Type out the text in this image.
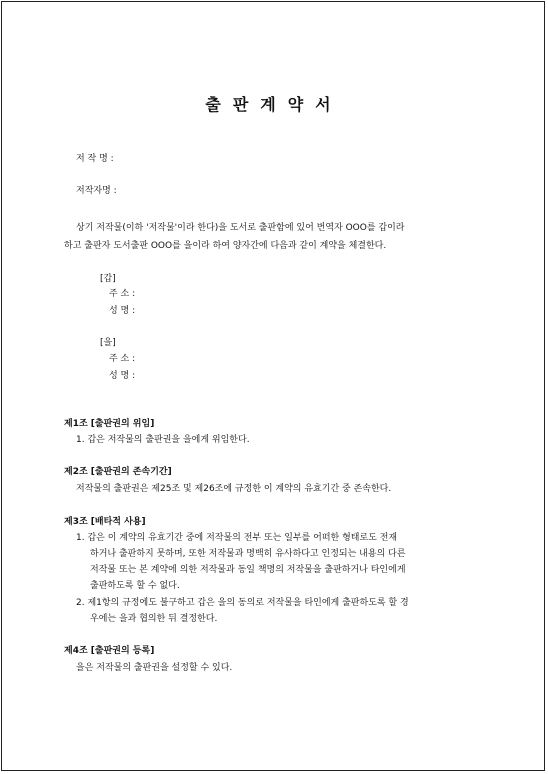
출판계약서
저 작 명 :
저작자명 :
상기 저작물(이하 '저작물'이라 한다)을 도서로 출판함에 있어 번역자 OOO를 갑이라
하고 출판자 도서출판 OOO를 을이라 하여 양자간에 다음과 같이 계약을 체결한다.
[갑]
주 소 :
성 명 :
[을]
주 소 :
성 명 :
제1조 [출판권의 위임]
1. 갑은 저작물의 출판권을 을에게 위임한다.
제2조 [출판권의 존속기간]
저작물의 출판권은 제25조 및 제26조에 규정한 이 계약의 유효기간 중 존속한다.
제3조 [배타적 사용]
1. 갑은 이 계약의 유효기간 중에 저작물의 전부 또는 일부를 어떠한 형태로도 전재
하거나 출판하지 못하며, 또한 저작물과 명백히 유사하다고 인정되는 내용의 다른
저작물 또는 본 계약에 의한 저작물과 동일 책명의 저작물을 출판하거나 타인에게
출판하도록 할 수 없다.
2. 제1항의 규정에도 불구하고 갑은 을의 동의로 저작물을 타인에게 출판하도록 할 경
우에는 을과 협의한 뒤 결정한다.
제4조 [출판권의 등록]
을은 저작물의 출판권을 설정할 수 있다.
